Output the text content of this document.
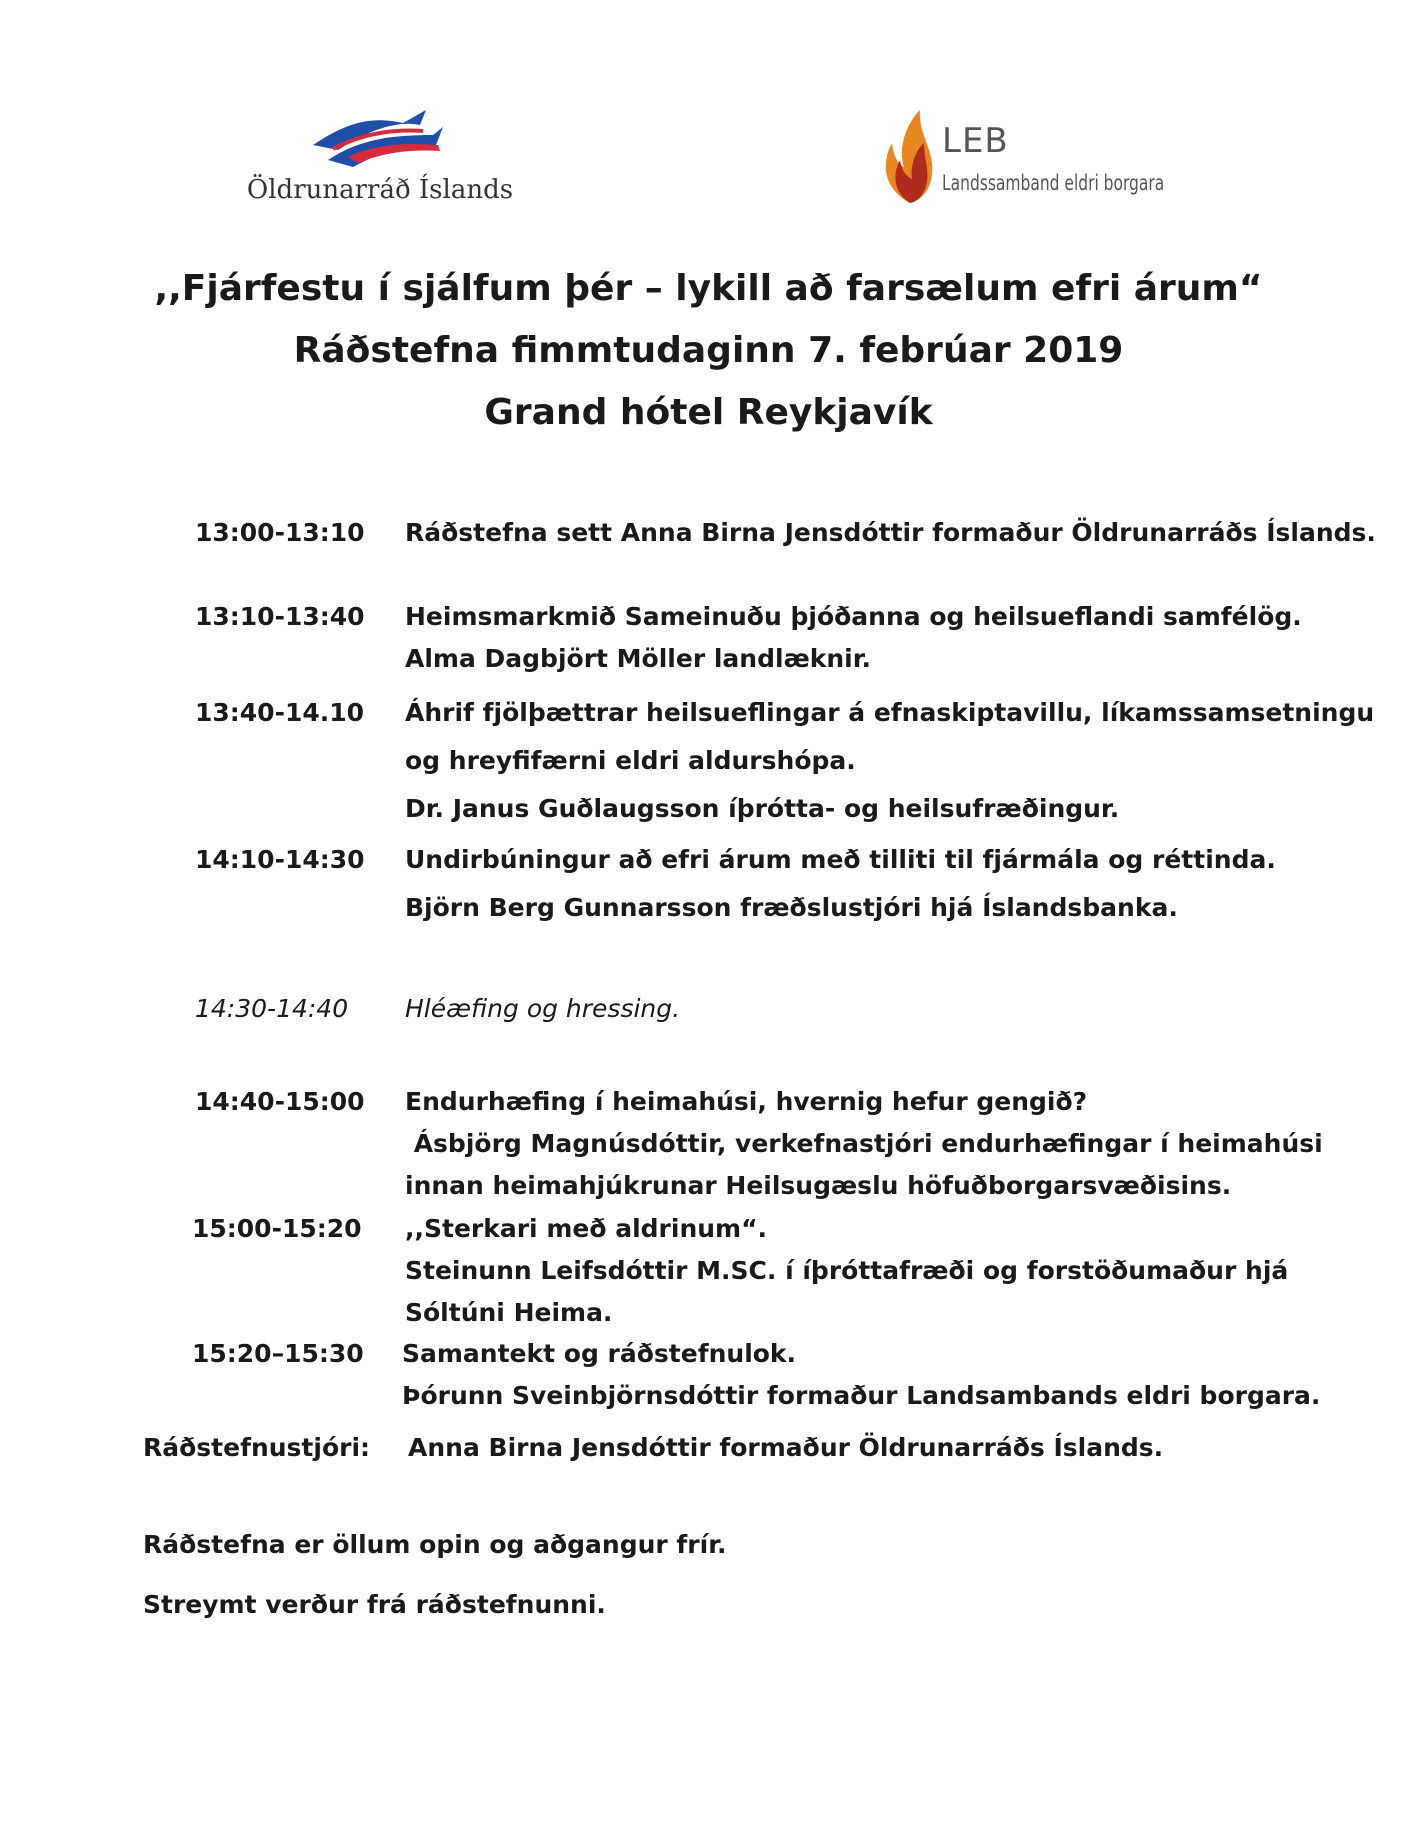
Öldrunarráð Íslands
LEB
Landssamband eldri borgara
,,Fjárfestu í sjálfum þér – lykill að farsælum efri árum“
Ráðstefna fimmtudaginn 7. febrúar 2019
Grand hótel Reykjavík
13:00-13:10	Ráðstefna sett Anna Birna Jensdóttir formaður Öldrunarráðs Íslands.
13:10-13:40	Heimsmarkmið Sameinuðu þjóðanna og heilsueflandi samfélög.
Alma Dagbjört Möller landlæknir.
13:40-14.10	Áhrif fjölþættrar heilsueflingar á efnaskiptavillu, líkamssamsetningu
og hreyfifærni eldri aldurshópa.
Dr. Janus Guðlaugsson íþrótta- og heilsufræðingur.
14:10-14:30	Undirbúningur að efri árum með tilliti til fjármála og réttinda.
Björn Berg Gunnarsson fræðslustjóri hjá Íslandsbanka.
14:30-14:40	Hléæfing og hressing.
14:40-15:00	Endurhæfing í heimahúsi, hvernig hefur gengið?
Ásbjörg Magnúsdóttir, verkefnastjóri endurhæfingar í heimahúsi
innan heimahjúkrunar Heilsugæslu höfuðborgarsvæðisins.
15:00-15:20	,,Sterkari með aldrinum“.
Steinunn Leifsdóttir M.SC. í íþróttafræði og forstöðumaður hjá
Sóltúni Heima.
15:20–15:30	Samantekt og ráðstefnulok.
Þórunn Sveinbjörnsdóttir formaður Landsambands eldri borgara.
Ráðstefnustjóri: Anna Birna Jensdóttir formaður Öldrunarráðs Íslands.
Ráðstefna er öllum opin og aðgangur frír.
Streymt verður frá ráðstefnunni.
